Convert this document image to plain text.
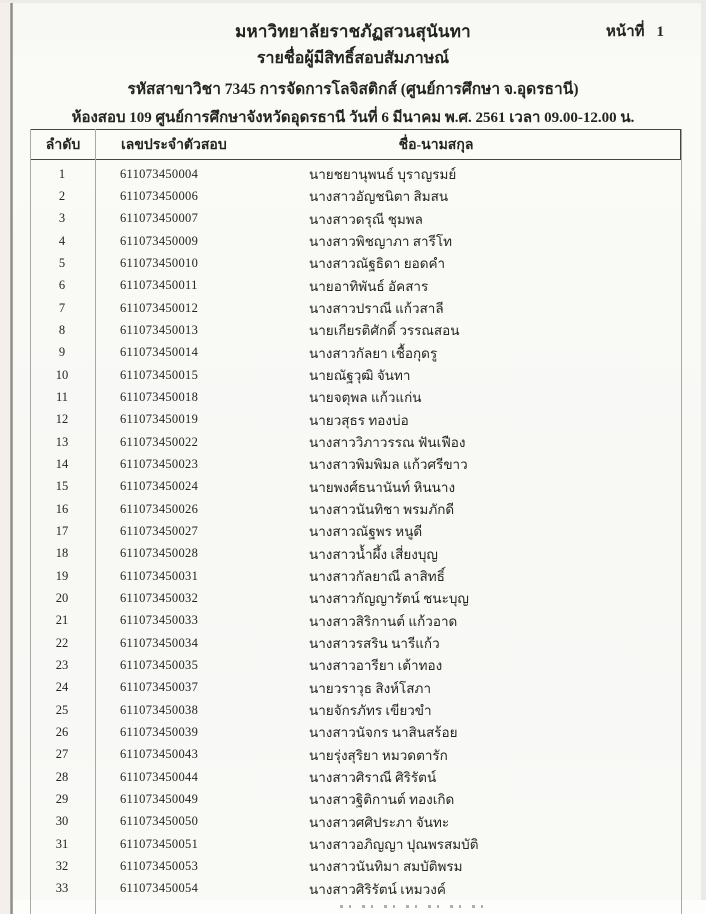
มหาวิทยาลัยราชภัฏสวนสุนันทา	หน้าที่ 1
รายชื่อผู้มีสิทธิ์สอบสัมภาษณ์
รหัสสาขาวิชา 7345 การจัดการโลจิสติกส์ (ศูนย์การศึกษา จ.อุดรธานี)
ห้องสอบ 109 ศูนย์การศึกษาจังหวัดอุดรธานี วันที่ 6 มีนาคม พ.ศ. 2561 เวลา 09.00-12.00 น.
ลำดับ	เลขประจำตัวสอบ	ชื่อ-นามสกุล
1	611073450004	นายชยานุพนธ์ บุราญรมย์
2	611073450006	นางสาวอัญชนิตา สิมสน
3	611073450007	นางสาวดรุณี ชุมพล
4	611073450009	นางสาวพิชญาภา สารีโท
5	611073450010	นางสาวณัฐธิดา ยอดคำ
6	611073450011	นายอาทิพันธ์ อัคสาร
7	611073450012	นางสาวปราณี แก้วสาลี
8	611073450013	นายเกียรติศักดิ์ วรรณสอน
9	611073450014	นางสาวกัลยา เชื้อกุดรู
10	611073450015	นายณัฐวุฒิ จันทา
11	611073450018	นายจตุพล แก้วแก่น
12	611073450019	นายวสุธร ทองบ่อ
13	611073450022	นางสาววิภาวรรณ ฟันเฟือง
14	611073450023	นางสาวพิมพิมล แก้วศรีขาว
15	611073450024	นายพงศ์ธนานันท์ หินนาง
16	611073450026	นางสาวนันทิชา พรมภักดี
17	611073450027	นางสาวณัฐพร หนูดี
18	611073450028	นางสาวน้ำผึ้ง เสี่ยงบุญ
19	611073450031	นางสาวกัลยาณี ลาสิทธิ์
20	611073450032	นางสาวกัญญารัตน์ ชนะบุญ
21	611073450033	นางสาวสิริกานต์ แก้วอาด
22	611073450034	นางสาวรสริน นารีแก้ว
23	611073450035	นางสาวอารียา เต้าทอง
24	611073450037	นายวราวุธ สิงห์โสภา
25	611073450038	นายจักรภัทร เขียวขำ
26	611073450039	นางสาวนัจกร นาสินสร้อย
27	611073450043	นายรุ่งสุริยา หมวดตารัก
28	611073450044	นางสาวศิราณี ศิริรัตน์
29	611073450049	นางสาวฐิติกานต์ ทองเกิด
30	611073450050	นางสาวศศิประภา จันทะ
31	611073450051	นางสาวอภิญญา ปุณพรสมบัติ
32	611073450053	นางสาวนันทิมา สมบัติพรม
33	611073450054	นางสาวศิริรัตน์ เหมวงค์
